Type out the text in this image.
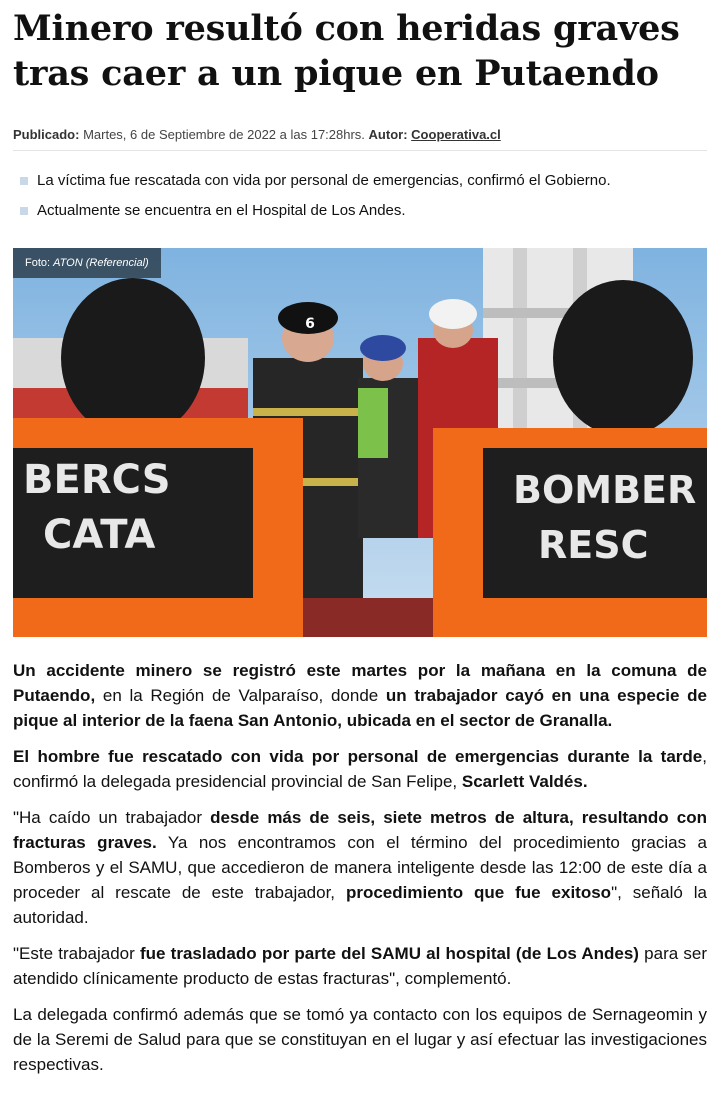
Minero resultó con heridas graves tras caer a un pique en Putaendo
Publicado: Martes, 6 de Septiembre de 2022 a las 17:28hrs. Autor: Cooperativa.cl
La víctima fue rescatada con vida por personal de emergencias, confirmó el Gobierno.
Actualmente se encuentra en el Hospital de Los Andes.
6
BERCS
CATA
BOMBER
RESC
Foto: ATON (Referencial)

Un accidente minero se registró este martes por la mañana en la comuna de Putaendo, en la Región de Valparaíso, donde un trabajador cayó en una especie de pique al interior de la faena San Antonio, ubicada en el sector de Granalla.

El hombre fue rescatado con vida por personal de emergencias durante la tarde, confirmó la delegada presidencial provincial de San Felipe, Scarlett Valdés.

"Ha caído un trabajador desde más de seis, siete metros de altura, resultando con fracturas graves. Ya nos encontramos con el término del procedimiento gracias a Bomberos y el SAMU, que accedieron de manera inteligente desde las 12:00 de este día a proceder al rescate de este trabajador, procedimiento que fue exitoso", señaló la autoridad.

"Este trabajador fue trasladado por parte del SAMU al hospital (de Los Andes) para ser atendido clínicamente producto de estas fracturas", complementó.

La delegada confirmó además que se tomó ya contacto con los equipos de Sernageomin y de la Seremi de Salud para que se constituyan en el lugar y así efectuar las investigaciones respectivas.
